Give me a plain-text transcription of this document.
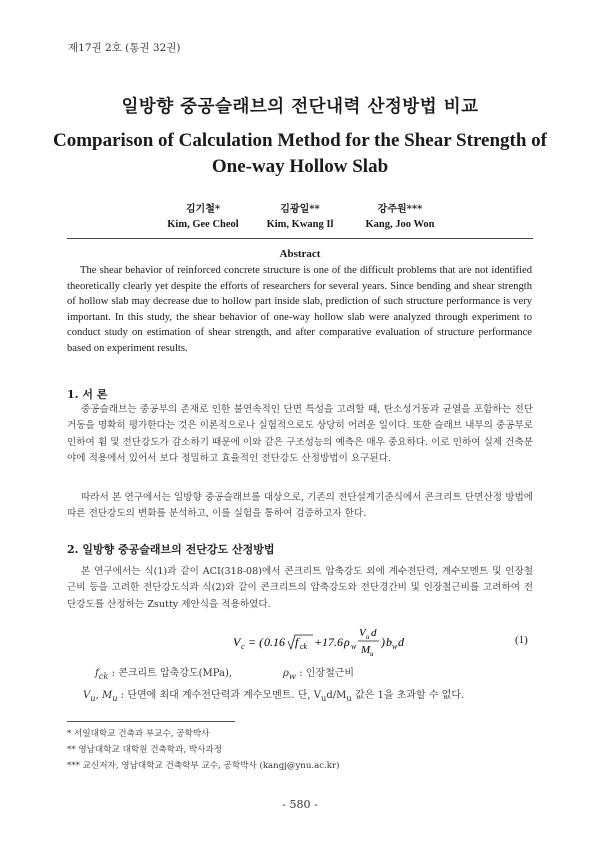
제17권 2호 (통권 32권)
일방향 중공슬래브의 전단내력 산정방법 비교
Comparison of Calculation Method for the Shear Strength of One-way Hollow Slab
김기철*
Kim, Gee Cheol
김광일**
Kim, Kwang Il
강주원***
Kang, Joo Won
Abstract
The shear behavior of reinforced concrete structure is one of the difficult problems that are not identified theoretically clearly yet despite the efforts of researchers for several years. Since bending and shear strength of hollow slab may decrease due to hollow part inside slab, prediction of such structure performance is very important. In this study, the shear behavior of one-way hollow slab were analyzed through experiment to conduct study on estimation of shear strength, and after comparative evaluation of structure performance based on experiment results.
1. 서 론
중공슬래브는 중공부의 존재로 인한 불연속적인 단면 특성을 고려할 때, 탄소성거동과 균열을 포함하는 전단 거동을 명확히 평가한다는 것은 이론적으로나 실험적으로도 상당히 어려운 일이다. 또한 슬래브 내부의 중공부로 인하여 휨 및 전단강도가 감소하기 때문에 이와 같은 구조성능의 예측은 매우 중요하다. 이로 인하여 실제 건축분야에 적용에서 있어서 보다 정밀하고 효율적인 전단강도 산정방법이 요구된다.
따라서 본 연구에서는 일방향 중공슬래브를 대상으로, 기존의 전단설계기준식에서 콘크리트 단면산정 방법에 따른 전단강도의 변화를 분석하고, 이를 실험을 통하여 검증하고자 한다.
2. 일방향 중공슬래브의 전단강도 산정방법
본 연구에서는 식(1)과 같이 ACI(318-08)에서 콘크리트 압축강도 외에 계수전단력, 계수모멘트 및 인장철근비 등을 고려한 전단강도식과 식(2)와 같이 콘크리트의 압축강도와 전단경간비 및 인장철근비를 고려하여 전단강도를 산정하는 Zsutty 제안식을 적용하였다.
V c = ( 0.16 f ck + 17.6 ρ w
V u d
M u
) b w d	(1)
$f_{ck}$ : 콘크리트 압축강도(MPa),	$\rho_w$ : 인장철근비
$V_u$, $M_u$ : 단면에 최대 계수전단력과 계수모멘트. 단, $V_ud/M_u$ 값은 1을 초과할 수 없다.
* 서일대학교 건축과 부교수, 공학박사
** 영남대학교 대학원 건축학과, 박사과정
*** 교신저자, 영남대학교 건축학부 교수, 공학박사 (kangj@ynu.ac.kr)
- 580 -
